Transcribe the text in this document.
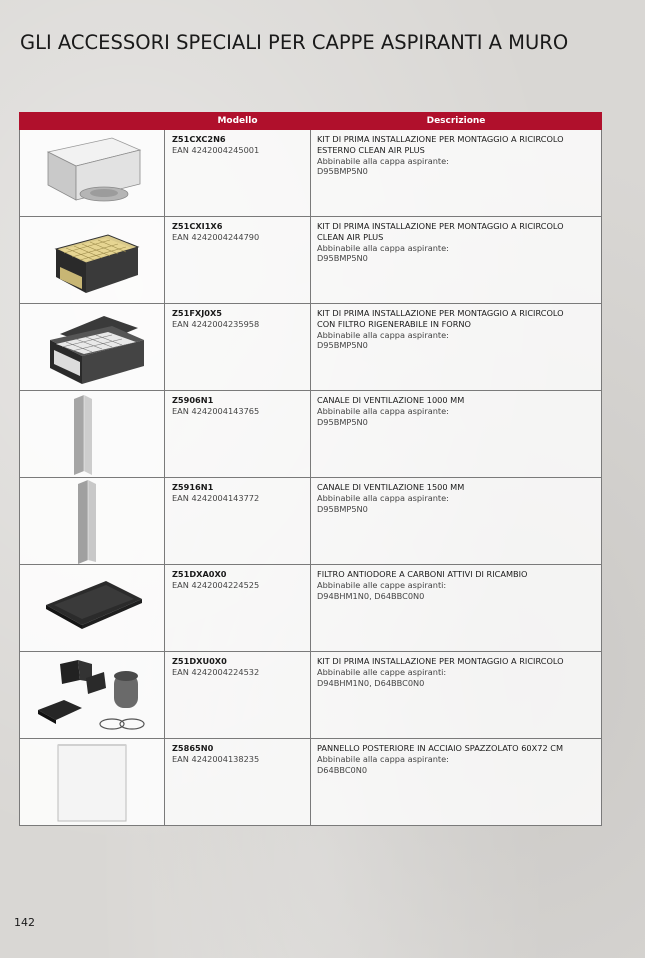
GLI ACCESSORI SPECIALI PER CAPPE ASPIRANTI A MURO
	Modello	Descrizione

Z51CXC2N6
EAN 4242004245001	KIT DI PRIMA INSTALLAZIONE PER MONTAGGIO A RICIRCOLO
ESTERNO CLEAN AIR PLUS
Abbinabile alla cappa aspirante:
D95BMP5N0

Z51CXI1X6
EAN 4242004244790	KIT DI PRIMA INSTALLAZIONE PER MONTAGGIO A RICIRCOLO
CLEAN AIR PLUS
Abbinabile alla cappa aspirante:
D95BMP5N0

Z51FXJ0X5
EAN 4242004235958	KIT DI PRIMA INSTALLAZIONE PER MONTAGGIO A RICIRCOLO
CON FILTRO RIGENERABILE IN FORNO
Abbinabile alla cappa aspirante:
D95BMP5N0

Z5906N1
EAN 4242004143765	CANALE DI VENTILAZIONE 1000 MM
Abbinabile alla cappa aspirante:
D95BMP5N0

Z5916N1
EAN 4242004143772	CANALE DI VENTILAZIONE 1500 MM
Abbinabile alla cappa aspirante:
D95BMP5N0

Z51DXA0X0
EAN 4242004224525	FILTRO ANTIODORE A CARBONI ATTIVI DI RICAMBIO
Abbinabile alle cappe aspiranti:
D94BHM1N0, D64BBC0N0

Z51DXU0X0
EAN 4242004224532	KIT DI PRIMA INSTALLAZIONE PER MONTAGGIO A RICIRCOLO
Abbinabile alle cappe aspiranti:
D94BHM1N0, D64BBC0N0

Z5865N0
EAN 4242004138235	PANNELLO POSTERIORE IN ACCIAIO SPAZZOLATO 60X72 CM
Abbinabile alla cappa aspirante:
D64BBC0N0
142
